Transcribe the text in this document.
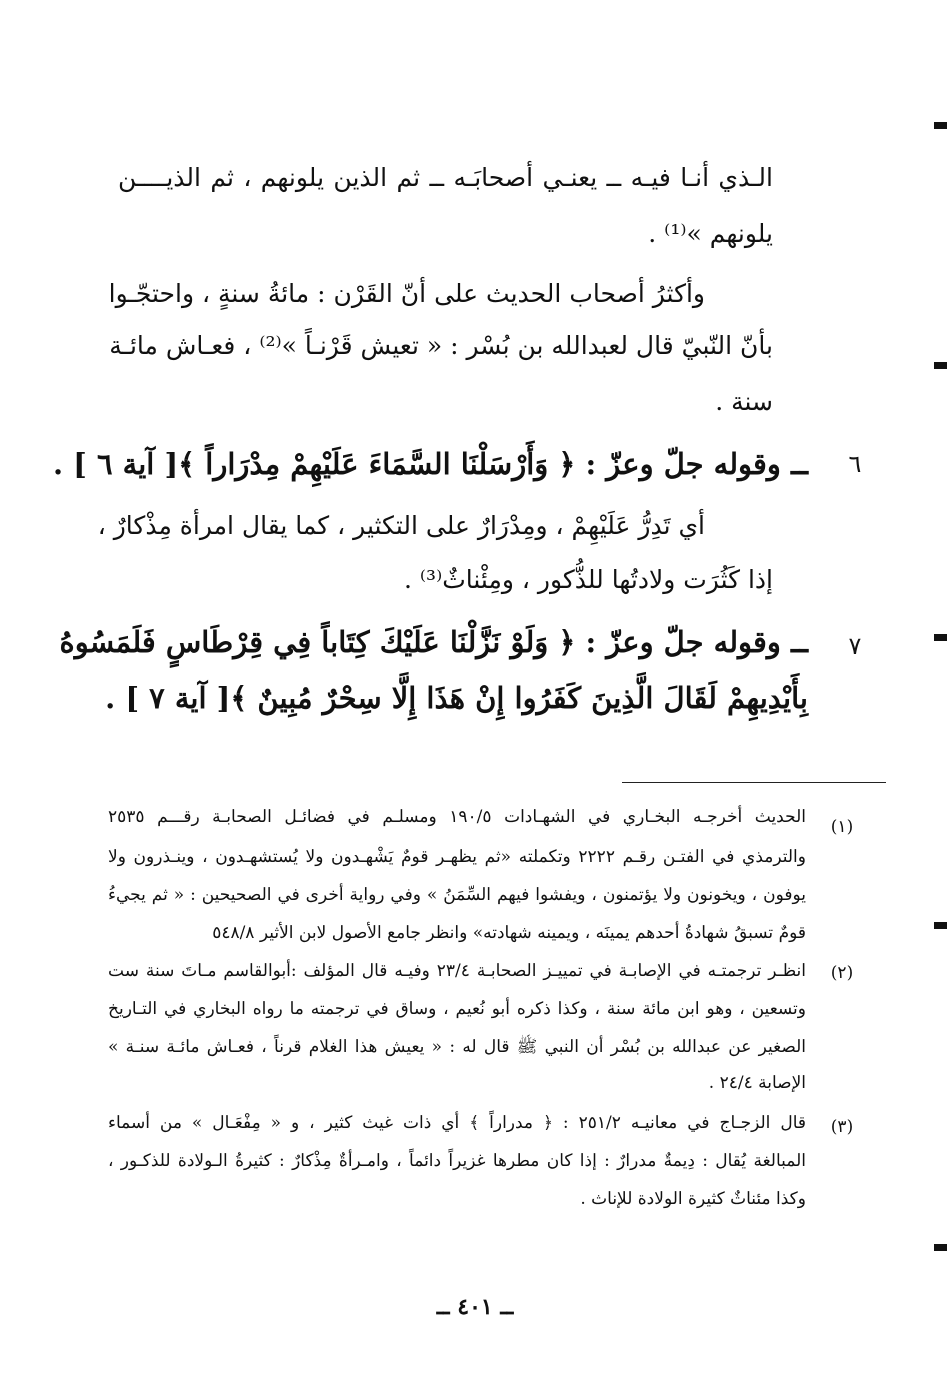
الـذي أنـا فيـه ــ يعنـي أصحابَـه ــ ثم الذين يلونهم ، ثم الذيــــن
يلونهم »⁽¹⁾ .
وأكثرُ أصحاب الحديث على أنّ القَرْن : مائةُ سنةٍ ، واحتجّـوا
بأنّ النّبيّ قال لعبدالله بن بُسْر : « تعيش قَرْنـاً »⁽²⁾ ، فعـاش مائـة
سنة .
٦
ــ وقوله جلّ وعزّ : ﴿ وَأَرْسَلْنَا السَّمَاءَ عَلَيْهِمْ مِدْرَاراً ﴾[ آية ٦ ] .
أي تَدِرُّ عَلَيْهِمْ ، ومِدْرَارٌ على التكثير ، كما يقال امرأة مِذْكارٌ ،
إذا كَثُرَت ولادتُها للذُّكور ، ومِئْناثٌ⁽³⁾ .
٧
ــ وقوله جلّ وعزّ : ﴿ وَلَوْ نَزَّلْنَا عَلَيْكَ كِتَاباً فِي قِرْطَاسٍ فَلَمَسُوهُ
بِأَيْدِيهِمْ لَقَالَ الَّذِينَ كَفَرُوا إِنْ هَذَا إِلَّا سِحْرٌ مُبِينٌ ﴾[ آية ٧ ] .
(١)
الحديث أخرجـه البخـاري في الشهـادات ١٩٠/٥ ومسلـم في فضائـل الصحابـة رقـــم ٢٥٣٥
والترمذي في الفتـن رقـم ٢٢٢٢ وتكملته «ثم يظهـر قومٌ يَشْهـدون ولا يُستشهـدون ، وينـذرون ولا
يوفون ، ويخونون ولا يؤتمنون ، ويفشوا فيهم السِّمَنُ » وفي رواية أخرى في الصحيحين : « ثم يجيءُ
قومٌ تسبقُ شهادةُ أحدهم يمينَه ، ويمينه شهادته» وانظر جامع الأصول لابن الأثير ٥٤٨/٨
(٢)
انظـر ترجمتـه في الإصابـة في تمييـز الصحابـة ٢٣/٤ وفيـه قال المؤلف :أبوالقاسم مـاتَ سنة ست
وتسعين ، وهو ابن مائة سنة ، وكذا ذكره أبو نُعيم ، وساق في ترجمته ما رواه البخاري في التـاريخ
الصغير عن عبدالله بن بُسْر أن النبي ﷺ قال له : « يعيش هذا الغلام قرناً ، فعـاش مائـة سنـة »
الإصابة ٢٤/٤ .
(٣)
قال الزجـاج في معانيـه ٢٥١/٢ : ﴿ مدراراً ﴾ أي ذات غيث كثير ، و « مِفْعَـال » من أسماء
المبالغة يُقال : دِيمةٌ مدرارٌ : إذا كان مطرها غزيراً دائماً ، وامـرأةٌ مِذْكارٌ : كثيرةُ الـولادة للذكـور ،
وكذا مئناثٌ كثيرة الولادة للإناث .
ــ ٤٠١ ــ
